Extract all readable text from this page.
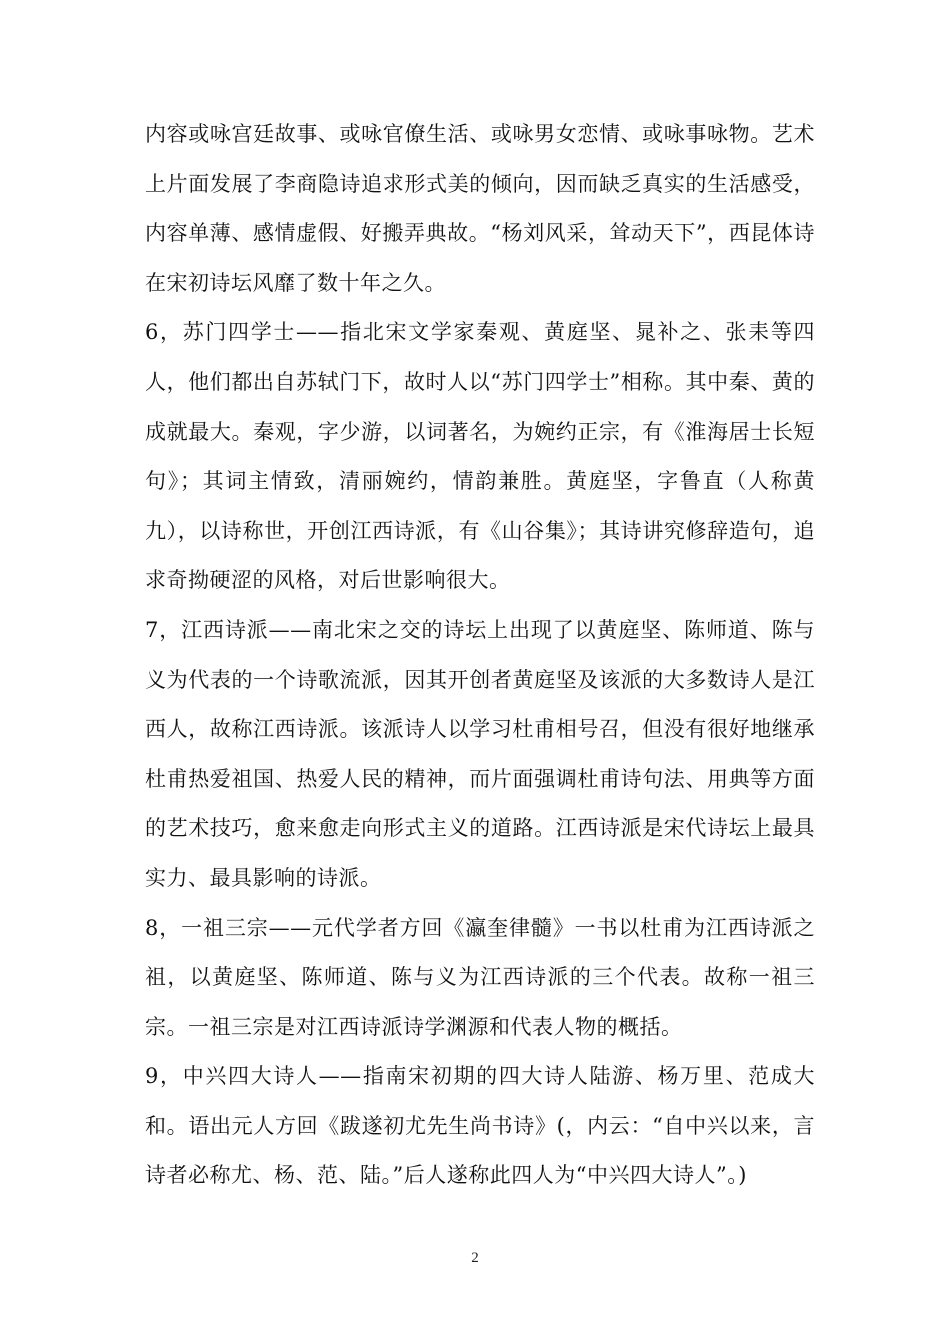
内容或咏宫廷故事、或咏官僚生活、或咏男女恋情、或咏事咏物。艺术上片面发展了李商隐诗追求形式美的倾向，因而缺乏真实的生活感受，内容单薄、感情虚假、好搬弄典故。“杨刘风采，耸动天下”，西昆体诗在宋初诗坛风靡了数十年之久。

6，苏门四学士——指北宋文学家秦观、黄庭坚、晁补之、张耒等四人，他们都出自苏轼门下，故时人以“苏门四学士”相称。其中秦、黄的成就最大。秦观，字少游，以词著名，为婉约正宗，有《淮海居士长短句》；其词主情致，清丽婉约，情韵兼胜。黄庭坚，字鲁直（人称黄九），以诗称世，开创江西诗派，有《山谷集》；其诗讲究修辞造句，追求奇拗硬涩的风格，对后世影响很大。

7，江西诗派——南北宋之交的诗坛上出现了以黄庭坚、陈师道、陈与义为代表的一个诗歌流派，因其开创者黄庭坚及该派的大多数诗人是江西人，故称江西诗派。该派诗人以学习杜甫相号召，但没有很好地继承杜甫热爱祖国、热爱人民的精神，而片面强调杜甫诗句法、用典等方面的艺术技巧，愈来愈走向形式主义的道路。江西诗派是宋代诗坛上最具实力、最具影响的诗派。

8，一祖三宗——元代学者方回《瀛奎律髓》一书以杜甫为江西诗派之祖，以黄庭坚、陈师道、陈与义为江西诗派的三个代表。故称一祖三宗。一祖三宗是对江西诗派诗学渊源和代表人物的概括。

9，中兴四大诗人——指南宋初期的四大诗人陆游、杨万里、范成大和。语出元人方回《跋遂初尤先生尚书诗》(，内云：“自中兴以来，言诗者必称尤、杨、范、陆。”后人遂称此四人为“中兴四大诗人”。)

2
